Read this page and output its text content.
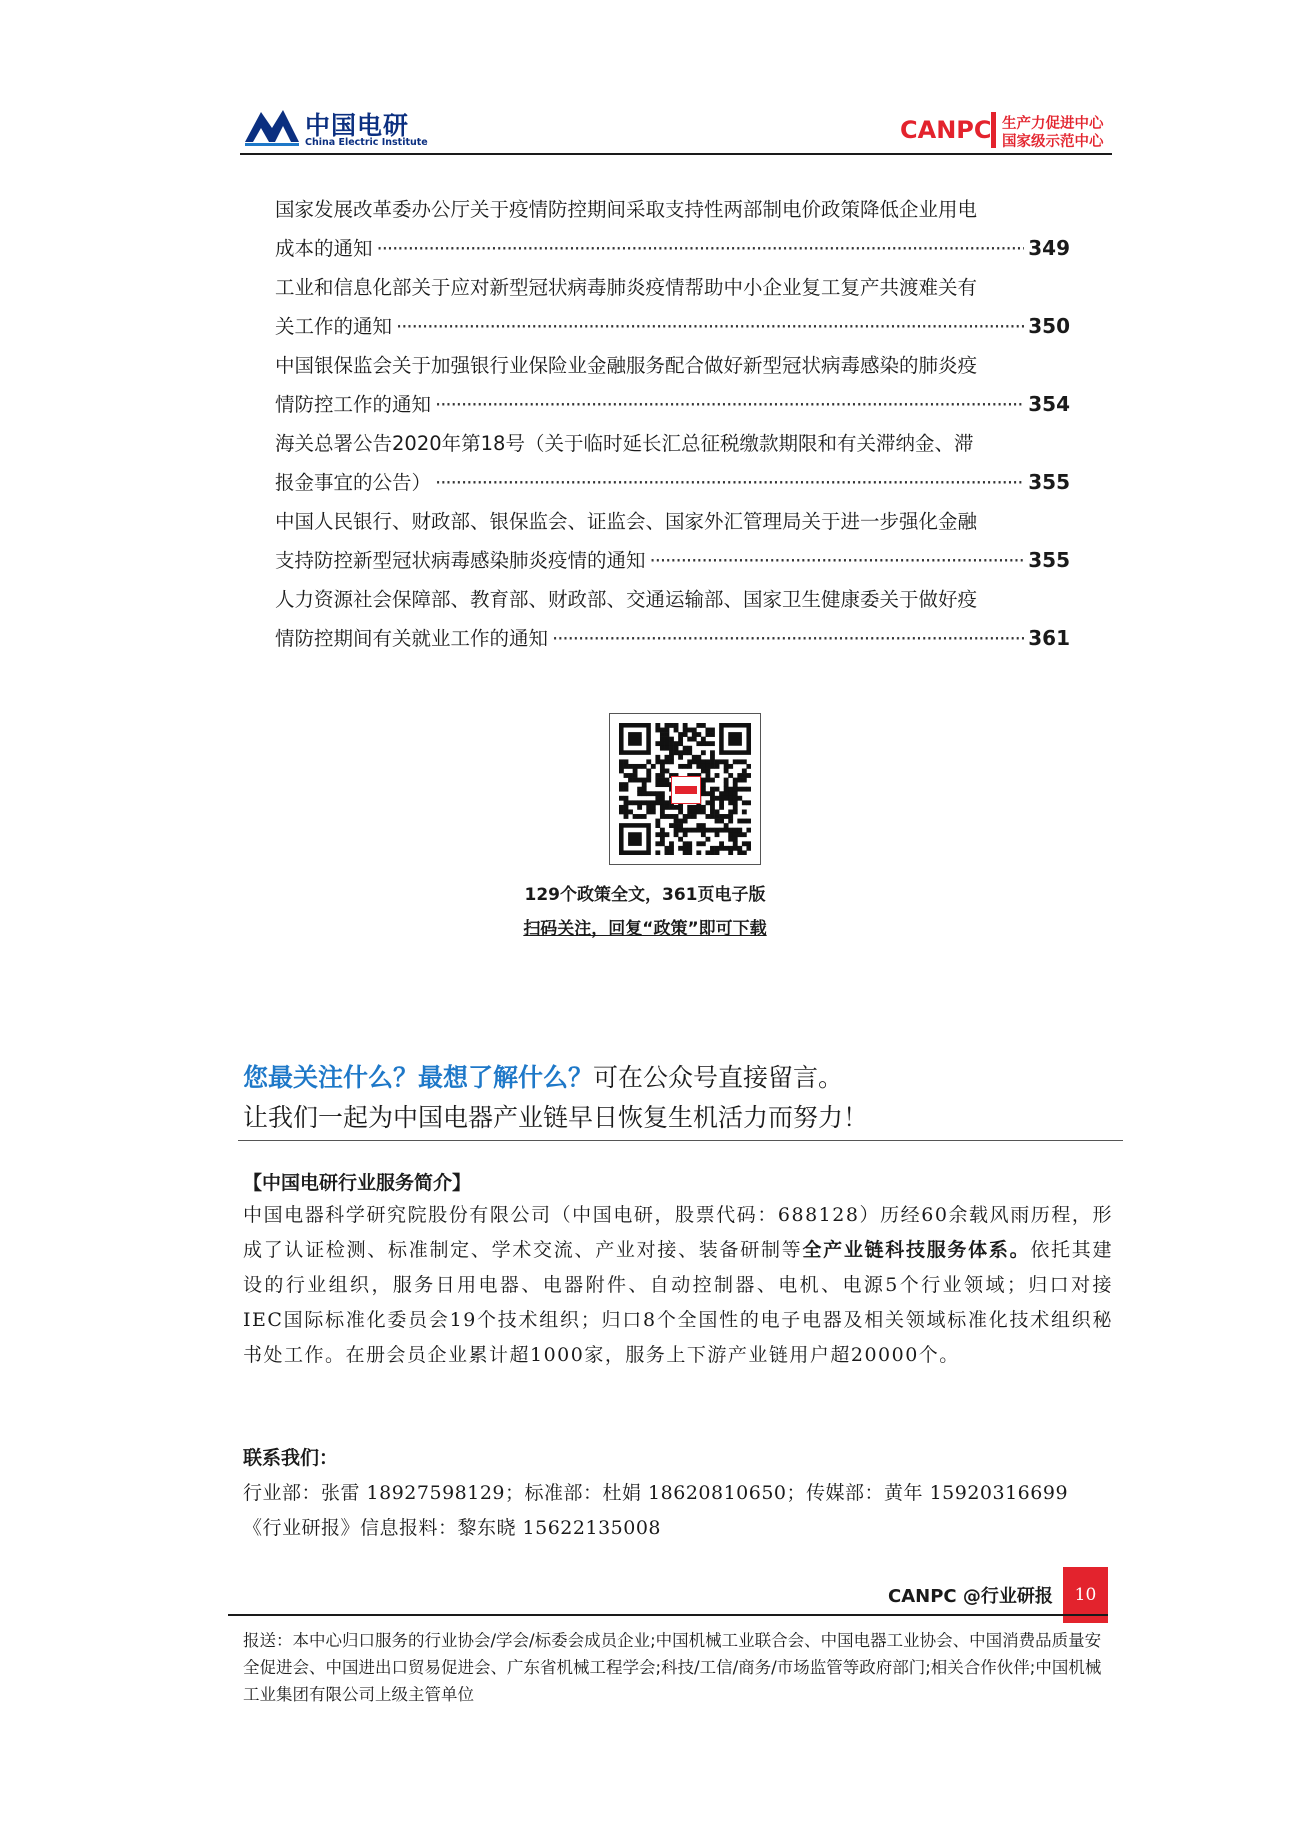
中国电研
China Electric Institute	CANPC 生产力促进中心
国家级示范中心
国家发展改革委办公厅关于疫情防控期间采取支持性两部制电价政策降低企业用电
成本的通知 ·····	349
工业和信息化部关于应对新型冠状病毒肺炎疫情帮助中小企业复工复产共渡难关有
关工作的通知 ·····	350
中国银保监会关于加强银行业保险业金融服务配合做好新型冠状病毒感染的肺炎疫
情防控工作的通知 ·····	354
海关总署公告2020年第18号（关于临时延长汇总征税缴款期限和有关滞纳金、滞
报金事宜的公告） ·····	355
中国人民银行、财政部、银保监会、证监会、国家外汇管理局关于进一步强化金融
支持防控新型冠状病毒感染肺炎疫情的通知 ·····	355
人力资源社会保障部、教育部、财政部、交通运输部、国家卫生健康委关于做好疫
情防控期间有关就业工作的通知 ·····	361
129个政策全文，361页电子版
扫码关注，回复“政策”即可下载
您最关注什么？最想了解什么？可在公众号直接留言。
让我们一起为中国电器产业链早日恢复生机活力而努力！
【中国电研行业服务简介】
中国电器科学研究院股份有限公司（中国电研，股票代码：688128）历经60余载风雨历程，形成了认证检测、标准制定、学术交流、产业对接、装备研制等全产业链科技服务体系。依托其建设的行业组织，服务日用电器、电器附件、自动控制器、电机、电源5个行业领域；归口对接IEC国际标准化委员会19个技术组织；归口8个全国性的电子电器及相关领域标准化技术组织秘书处工作。在册会员企业累计超1000家，服务上下游产业链用户超20000个。
联系我们：
行业部：张雷 18927598129；标准部：杜娟 18620810650；传媒部：黄年 15920316699
《行业研报》信息报料：黎东晓 15622135008
CANPC @行业研报	10
报送：本中心归口服务的行业协会/学会/标委会成员企业;中国机械工业联合会、中国电器工业协会、中国消费品质量安全促进会、中国进出口贸易促进会、广东省机械工程学会;科技/工信/商务/市场监管等政府部门;相关合作伙伴;中国机械工业集团有限公司上级主管单位
